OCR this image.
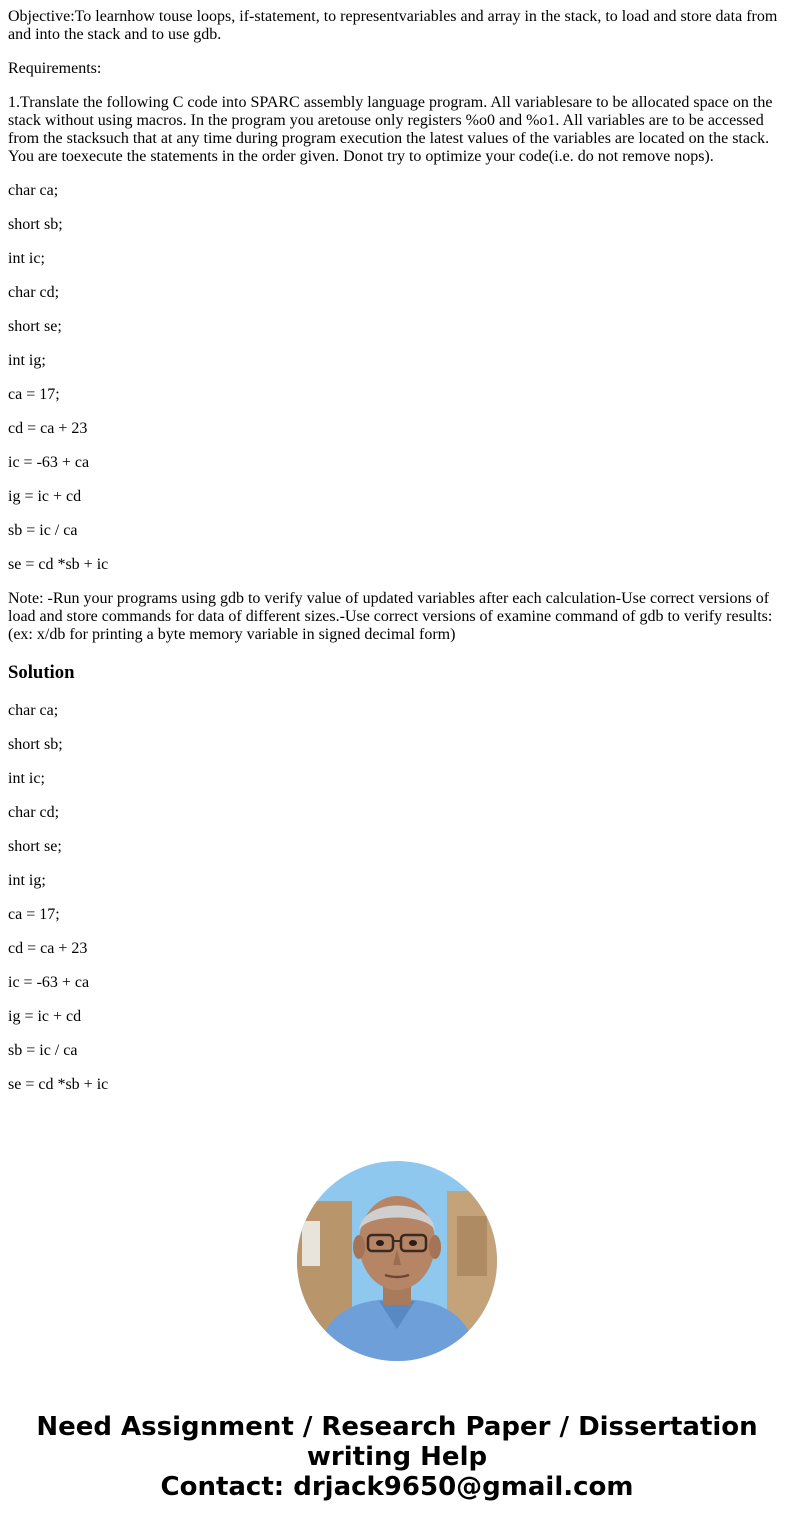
Objective:To learnhow touse loops, if-statement, to representvariables and array in the stack, to load and store data from and into the stack and to use gdb.

Requirements:

1.Translate the following C code into SPARC assembly language program. All variablesare to be allocated space on the stack without using macros. In the program you aretouse only registers %o0 and %o1. All variables are to be accessed from the stacksuch that at any time during program execution the latest values of the variables are located on the stack. You are toexecute the statements in the order given. Donot try to optimize your code(i.e. do not remove nops).

char ca;

short sb;

int ic;

char cd;

short se;

int ig;

ca = 17;

cd = ca + 23

ic = -63 + ca

ig = ic + cd

sb = ic / ca

se = cd *sb + ic

Note: -Run your programs using gdb to verify value of updated variables after each calculation-Use correct versions of load and store commands for data of different sizes.-Use correct versions of examine command of gdb to verify results: (ex: x/db for printing a byte memory variable in signed decimal form)

Solution

char ca;

short sb;

int ic;

char cd;

short se;

int ig;

ca = 17;

cd = ca + 23

ic = -63 + ca

ig = ic + cd

sb = ic / ca

se = cd *sb + ic

Need Assignment / Research Paper / Dissertation
writing Help
Contact: drjack9650@gmail.com
